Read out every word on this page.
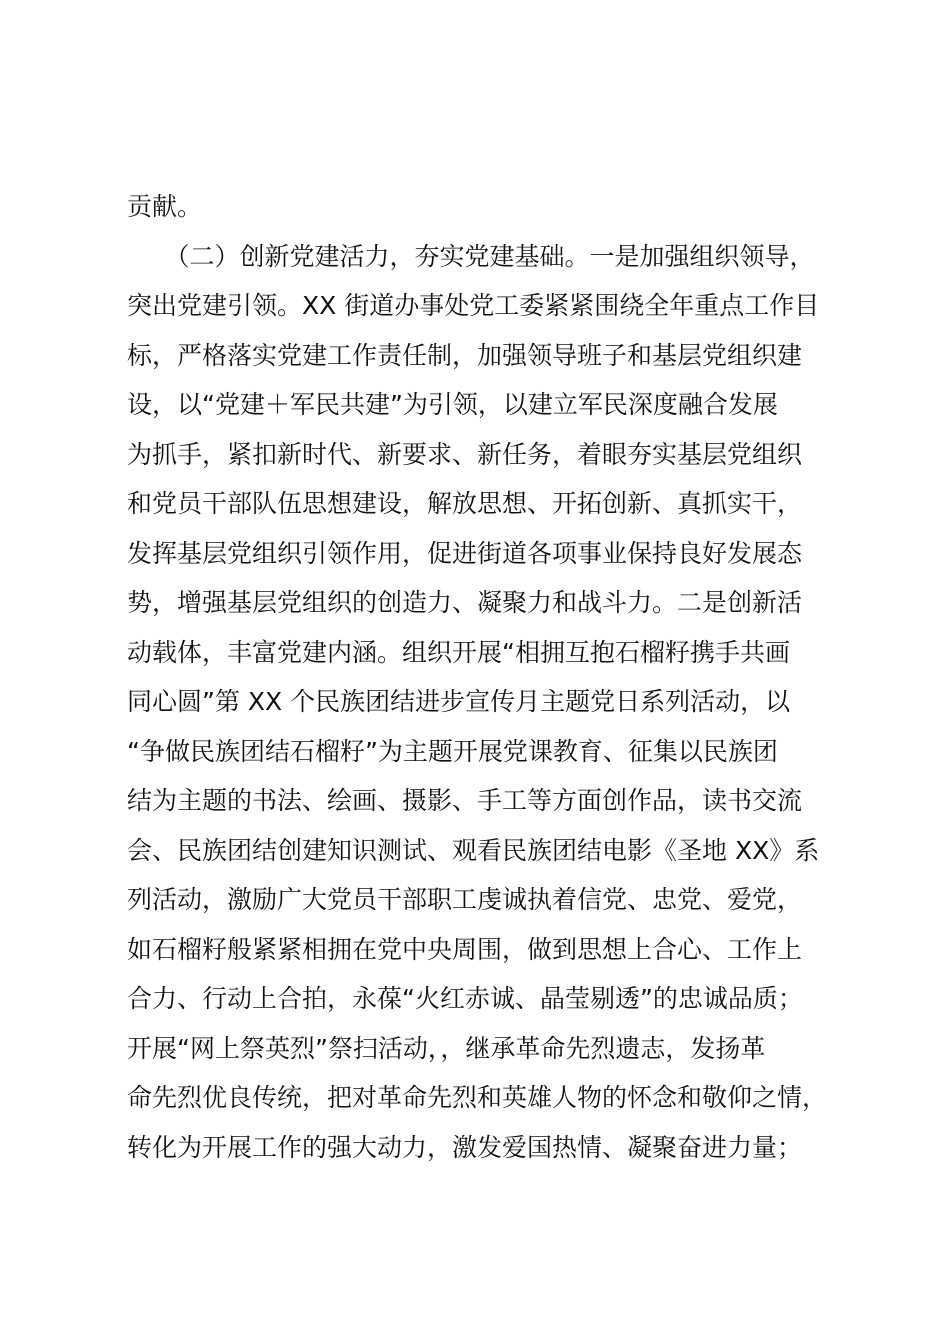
贡献。
　　（二）创新党建活力，夯实党建基础。一是加强组织领导，
突出党建引领。XX 街道办事处党工委紧紧围绕全年重点工作目
标，严格落实党建工作责任制，加强领导班子和基层党组织建
设，以“党建＋军民共建”为引领，以建立军民深度融合发展
为抓手，紧扣新时代、新要求、新任务，着眼夯实基层党组织
和党员干部队伍思想建设，解放思想、开拓创新、真抓实干，
发挥基层党组织引领作用，促进街道各项事业保持良好发展态
势，增强基层党组织的创造力、凝聚力和战斗力。二是创新活
动载体，丰富党建内涵。组织开展“相拥互抱石榴籽携手共画
同心圆”第 XX 个民族团结进步宣传月主题党日系列活动，以
“争做民族团结石榴籽”为主题开展党课教育、征集以民族团
结为主题的书法、绘画、摄影、手工等方面创作品，读书交流
会、民族团结创建知识测试、观看民族团结电影《圣地 XX》系
列活动，激励广大党员干部职工虔诚执着信党、忠党、爱党，
如石榴籽般紧紧相拥在党中央周围，做到思想上合心、工作上
合力、行动上合拍，永葆“火红赤诚、晶莹剔透”的忠诚品质；
开展“网上祭英烈”祭扫活动，，继承革命先烈遗志，发扬革
命先烈优良传统，把对革命先烈和英雄人物的怀念和敬仰之情，
转化为开展工作的强大动力，激发爱国热情、凝聚奋进力量；
